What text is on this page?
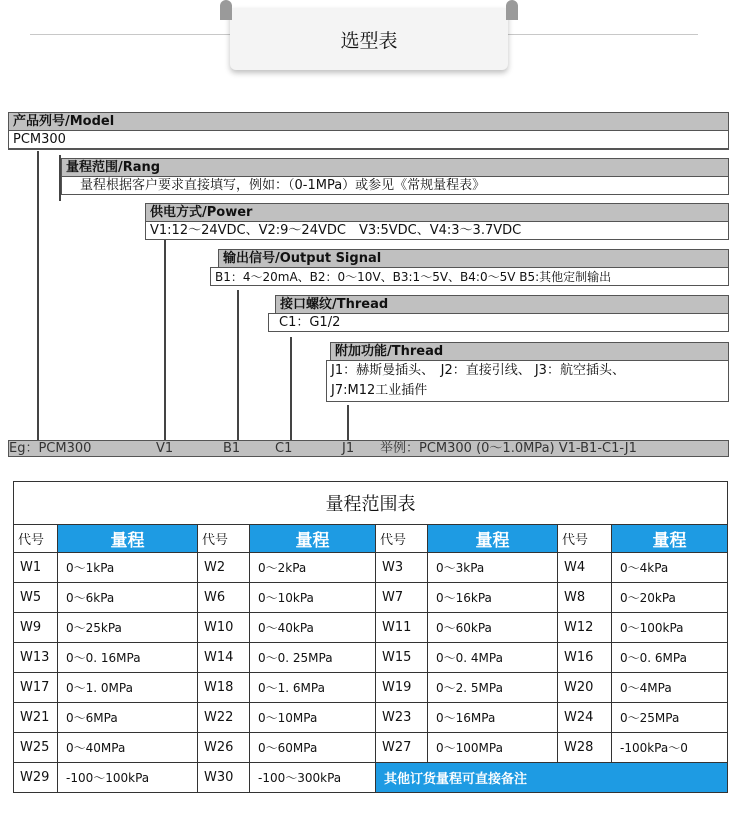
选型表
产品列号/Model
PCM300
量程范围/Rang
量程根据客户要求直接填写，例如：（0-1MPa）或参见《常规量程表》
供电方式/Power
V1:12～24VDC、V2:9～24VDC　V3:5VDC、V4:3～3.7VDC
输出信号/Output Signal
B1：4～20mA、B2：0～10V、B3:1～5V、B4:0～5V B5:其他定制输出
接口螺纹/Thread
C1：G1/2
附加功能/Thread
J1：赫斯曼插头、　J2：直接引线、 J3：航空插头、
J7:M12工业插件
Eg：PCM300	V1	B1	C1	J1 举例：PCM300 (0～1.0MPa) V1-B1-C1-J1
量程范围表							
代号	量程	代号	量程	代号	量程	代号	量程
W1	0～1kPa	W2	0～2kPa	W3	0～3kPa	W4	0～4kPa
W5	0～6kPa	W6	0～10kPa	W7	0～16kPa	W8	0～20kPa
W9	0～25kPa	W10	0～40kPa	W11	0～60kPa	W12	0～100kPa
W13	0～0. 16MPa	W14	0～0. 25MPa	W15	0～0. 4MPa	W16	0～0. 6MPa
W17	0～1. 0MPa	W18	0～1. 6MPa	W19	0～2. 5MPa	W20	0～4MPa
W21	0～6MPa	W22	0～10MPa	W23	0～16MPa	W24	0～25MPa
W25	0～40MPa	W26	0～60MPa	W27	0～100MPa	W28	-100kPa～0
W29	-100～100kPa	W30	-100～300kPa	其他订货量程可直接备注			
